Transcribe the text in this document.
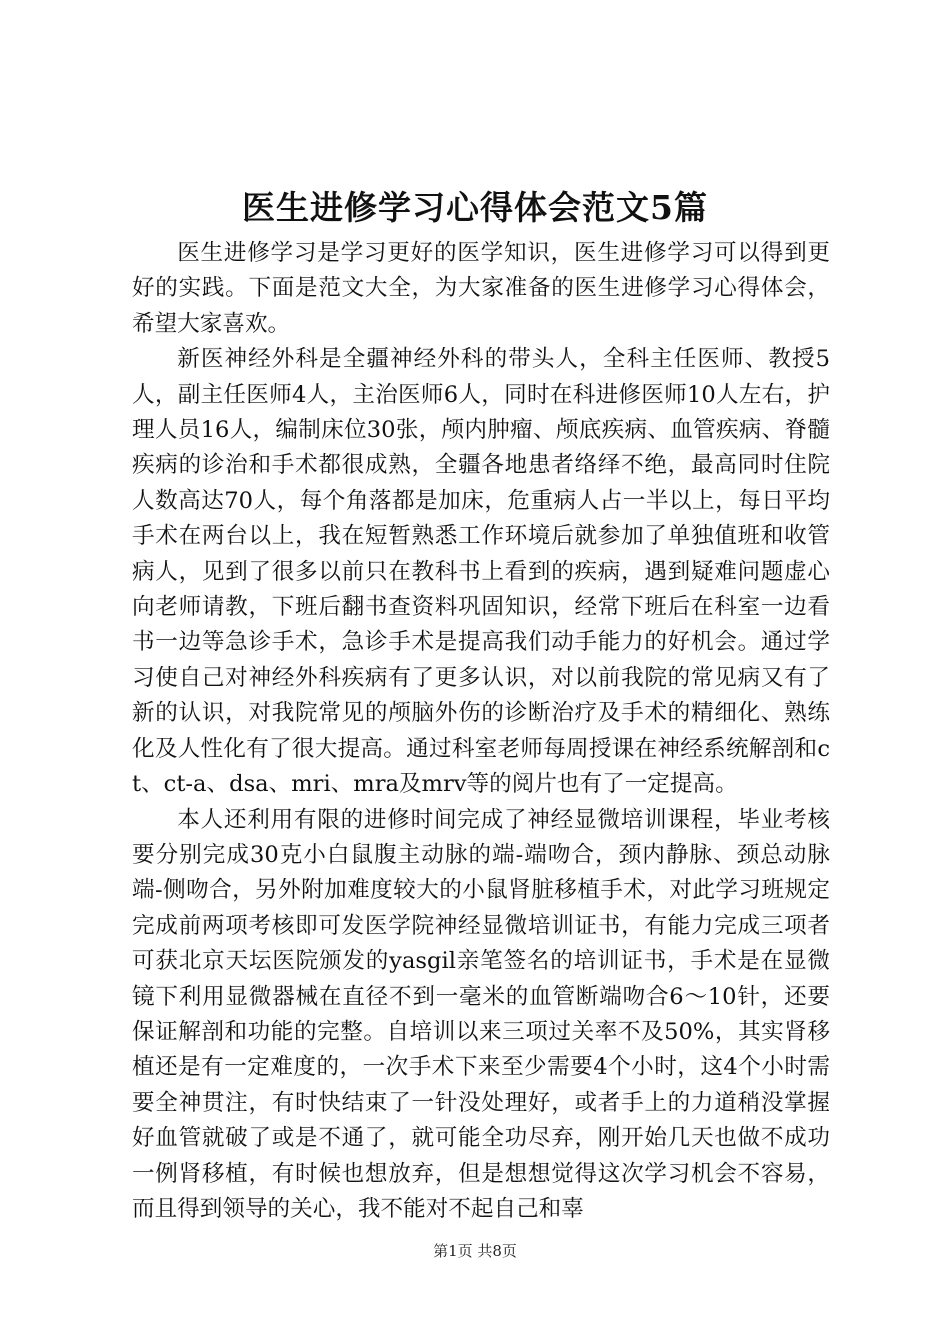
医生进修学习心得体会范文5篇

医生进修学习是学习更好的医学知识，医生进修学习可以得到更好的实践。下面是范文大全，为大家准备的医生进修学习心得体会，希望大家喜欢。

新医神经外科是全疆神经外科的带头人，全科主任医师、教授5人，副主任医师4人，主治医师6人，同时在科进修医师10人左右，护理人员16人，编制床位30张，颅内肿瘤、颅底疾病、血管疾病、脊髓疾病的诊治和手术都很成熟，全疆各地患者络绎不绝，最高同时住院人数高达70人，每个角落都是加床，危重病人占一半以上，每日平均手术在两台以上，我在短暂熟悉工作环境后就参加了单独值班和收管病人，见到了很多以前只在教科书上看到的疾病，遇到疑难问题虚心向老师请教，下班后翻书查资料巩固知识，经常下班后在科室一边看书一边等急诊手术，急诊手术是提高我们动手能力的好机会。通过学习使自己对神经外科疾病有了更多认识，对以前我院的常见病又有了新的认识，对我院常见的颅脑外伤的诊断治疗及手术的精细化、熟练化及人性化有了很大提高。通过科室老师每周授课在神经系统解剖和ct、ct-a、dsa、mri、mra及mrv等的阅片也有了一定提高。

本人还利用有限的进修时间完成了神经显微培训课程，毕业考核要分别完成30克小白鼠腹主动脉的端-端吻合，颈内静脉、颈总动脉端-侧吻合，另外附加难度较大的小鼠肾脏移植手术，对此学习班规定完成前两项考核即可发医学院神经显微培训证书，有能力完成三项者可获北京天坛医院颁发的yasgil亲笔签名的培训证书，手术是在显微镜下利用显微器械在直径不到一毫米的血管断端吻合6～10针，还要保证解剖和功能的完整。自培训以来三项过关率不及50%，其实肾移植还是有一定难度的，一次手术下来至少需要4个小时，这4个小时需要全神贯注，有时快结束了一针没处理好，或者手上的力道稍没掌握好血管就破了或是不通了，就可能全功尽弃，刚开始几天也做不成功一例肾移植，有时候也想放弃，但是想想觉得这次学习机会不容易，而且得到领导的关心，我不能对不起自己和辜

第1页 共8页
